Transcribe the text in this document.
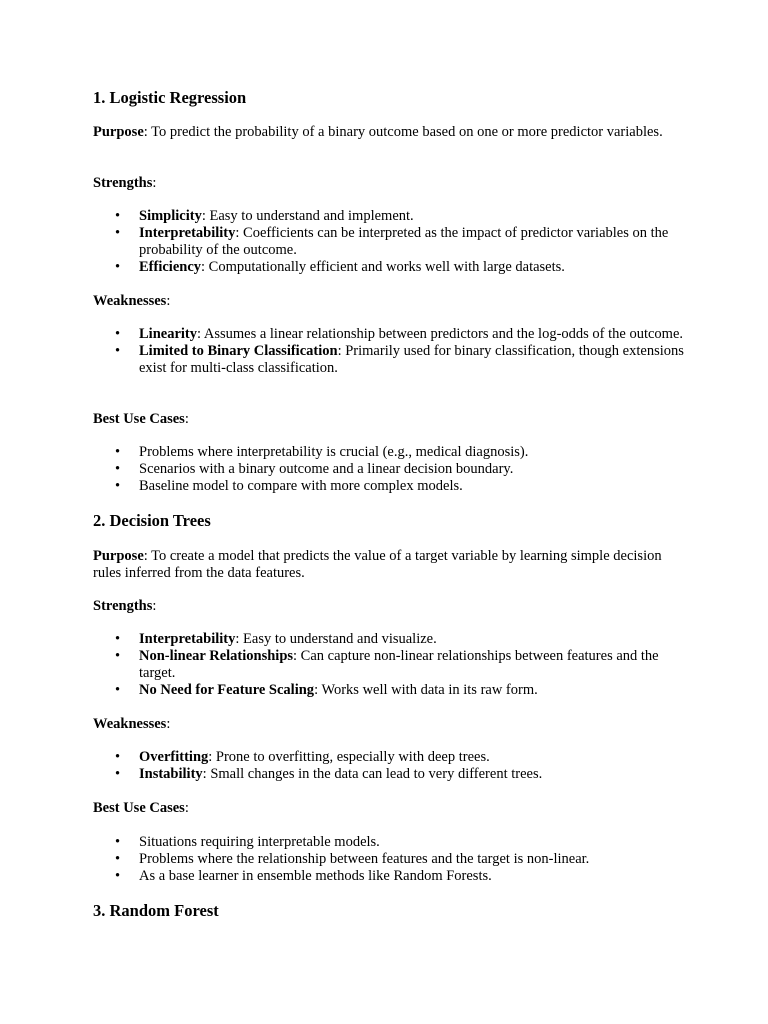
1. Logistic Regression

Purpose: To predict the probability of a binary outcome based on one or more predictor variables.

Strengths:

• Simplicity: Easy to understand and implement.
• Interpretability: Coefficients can be interpreted as the impact of predictor variables on the probability of the outcome.
• Efficiency: Computationally efficient and works well with large datasets.

Weaknesses:

• Linearity: Assumes a linear relationship between predictors and the log-odds of the outcome.
• Limited to Binary Classification: Primarily used for binary classification, though extensions exist for multi-class classification.

Best Use Cases:

• Problems where interpretability is crucial (e.g., medical diagnosis).
• Scenarios with a binary outcome and a linear decision boundary.
• Baseline model to compare with more complex models.
2. Decision Trees

Purpose: To create a model that predicts the value of a target variable by learning simple decision rules inferred from the data features.

Strengths:

• Interpretability: Easy to understand and visualize.
• Non-linear Relationships: Can capture non-linear relationships between features and the target.
• No Need for Feature Scaling: Works well with data in its raw form.

Weaknesses:

• Overfitting: Prone to overfitting, especially with deep trees.
• Instability: Small changes in the data can lead to very different trees.

Best Use Cases:

• Situations requiring interpretable models.
• Problems where the relationship between features and the target is non-linear.
• As a base learner in ensemble methods like Random Forests.
3. Random Forest
